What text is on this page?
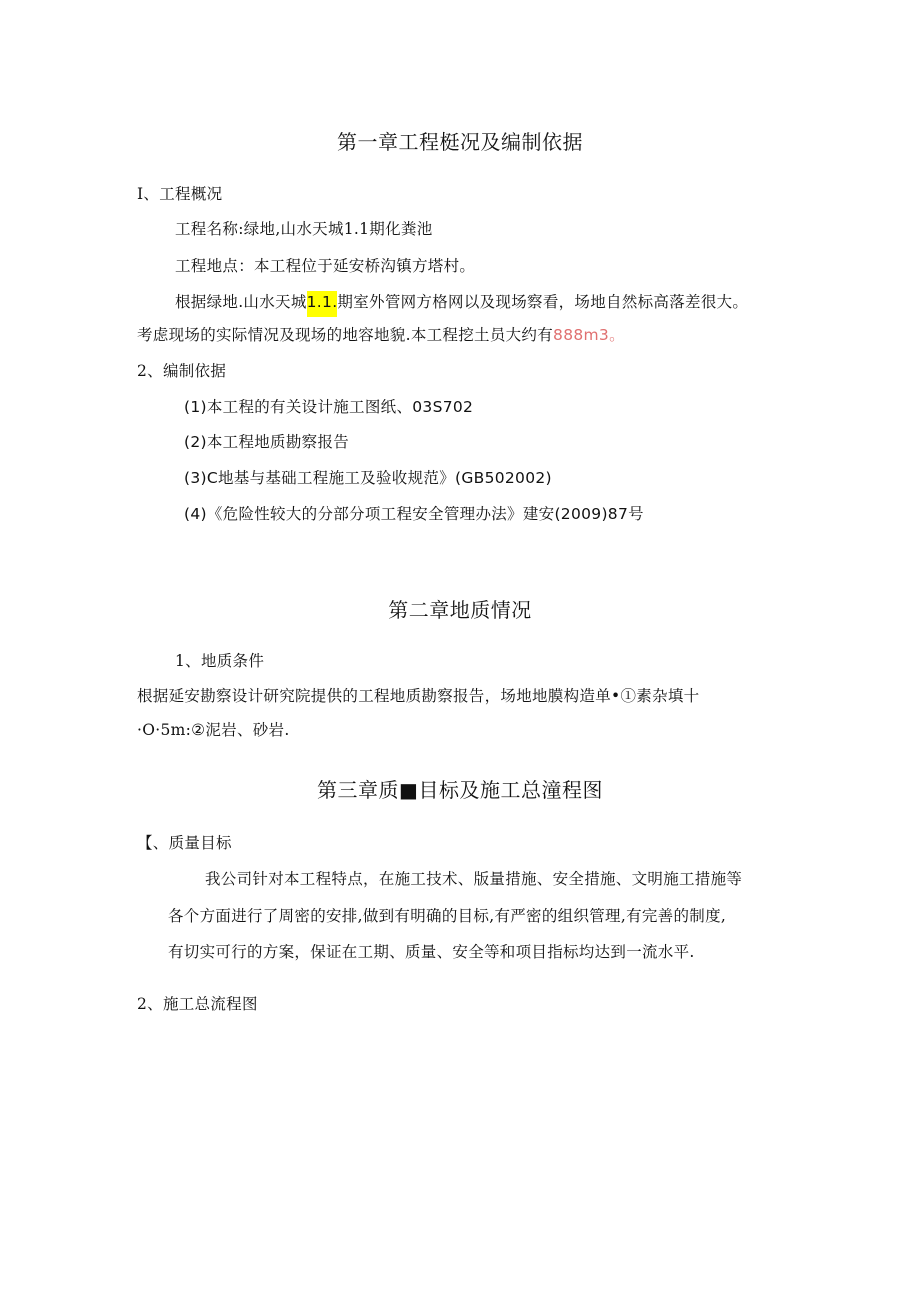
第一章工程梃况及编制依据
I、工程概况
工程名称:绿地,山水天城1.1期化粪池
工程地点：本工程位于延安桥沟镇方塔村。
根据绿地.山水天城1.1.期室外管网方格网以及现场察看，场地自然标高落差很大。
考虑现场的实际情况及现场的地容地貌.本工程挖土员大约有888m3。
2、编制依据
(1)本工程的有关设计施工图纸、03S702
(2)本工程地质勘察报告
(3)C地基与基础工程施工及验收规范》(GB502002)
(4)《危险性较大的分部分项工程安全管理办法》建安(2009)87号
第二章地质情况
1、地质条件
根据延安勘察设计研究院提供的工程地质勘察报告，场地地膜构造单•①素杂填十
·O·5m:②泥岩、砂岩.
第三章质■目标及施工总潼程图
【、质量目标
我公司针对本工程特点，在施工技术、版量措施、安全措施、文明施工措施等
各个方面进行了周密的安排,做到有明确的目标,有严密的组织管理,有完善的制度,
有切实可行的方案，保证在工期、质量、安全等和项目指标均达到一流水平.
2、施工总流程图
